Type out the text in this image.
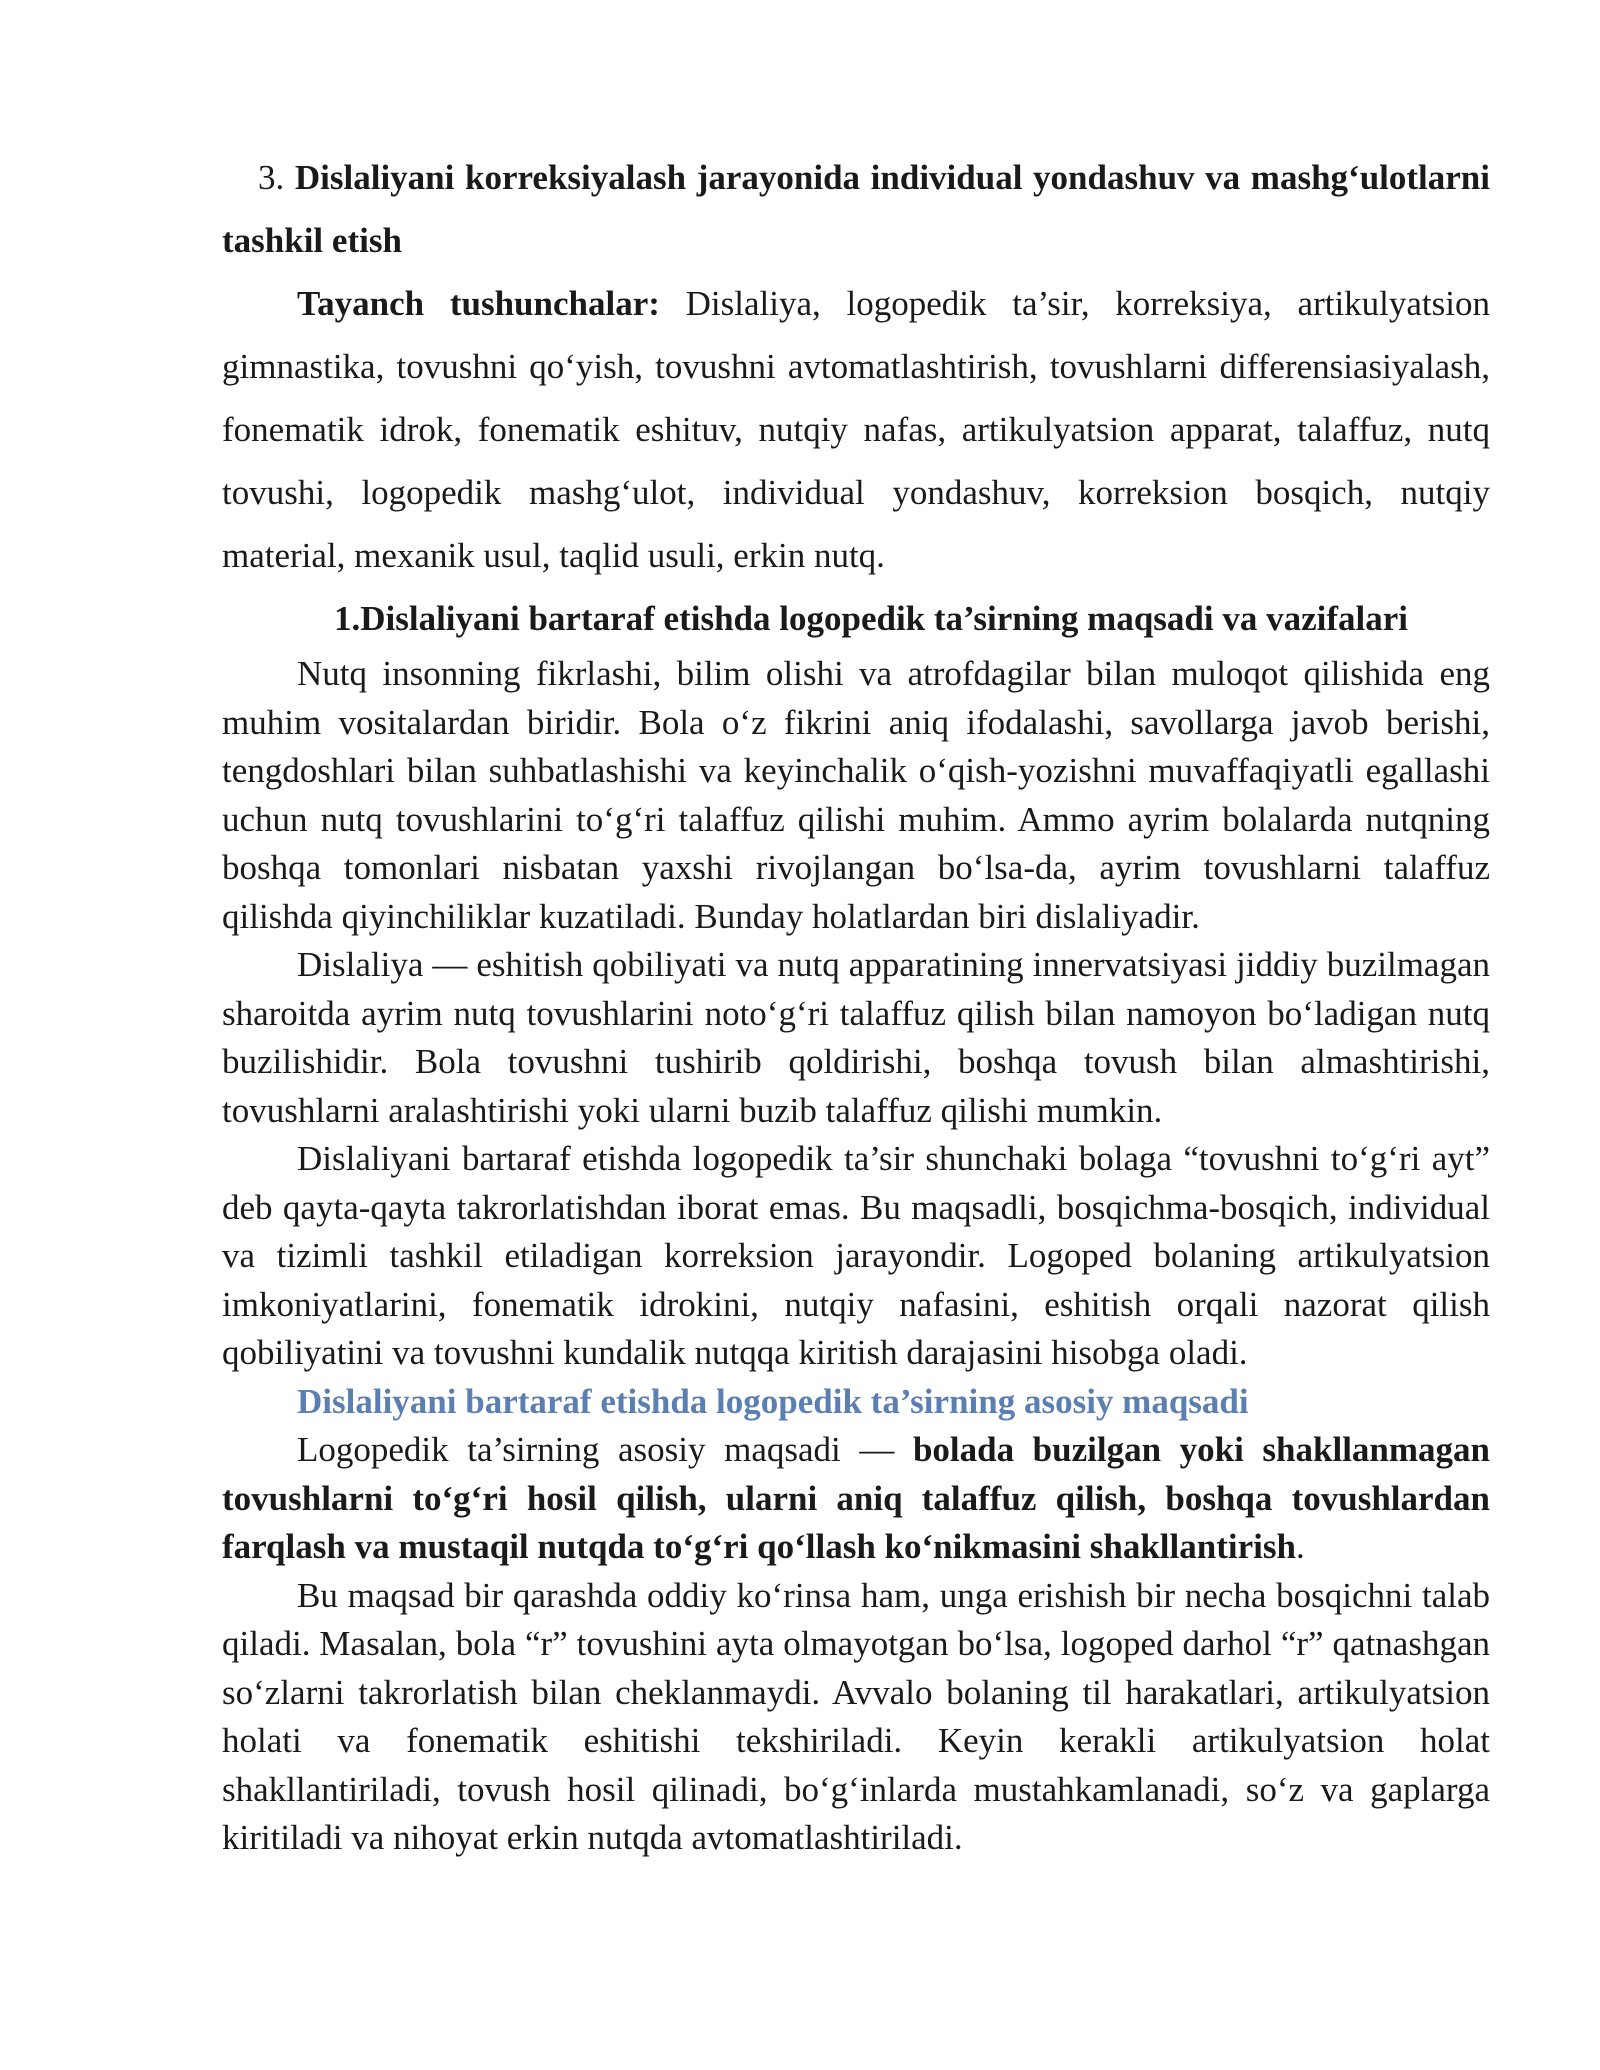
3. Dislaliyani korreksiyalash jarayonida individual yondashuv va mashg‘ulotlarni tashkil etish

Tayanch tushunchalar: Dislaliya, logopedik ta’sir, korreksiya, artikulyatsion gimnastika, tovushni qo‘yish, tovushni avtomatlashtirish, tovushlarni differensiasiyalash, fonematik idrok, fonematik eshituv, nutqiy nafas, artikulyatsion apparat, talaffuz, nutq tovushi, logopedik mashg‘ulot, individual yondashuv, korreksion bosqich, nutqiy material, mexanik usul, taqlid usuli, erkin nutq.

1.Dislaliyani bartaraf etishda logopedik ta’sirning maqsadi va vazifalari

Nutq insonning fikrlashi, bilim olishi va atrofdagilar bilan muloqot qilishida eng muhim vositalardan biridir. Bola o‘z fikrini aniq ifodalashi, savollarga javob berishi, tengdoshlari bilan suhbatlashishi va keyinchalik o‘qish-yozishni muvaffaqiyatli egallashi uchun nutq tovushlarini to‘g‘ri talaffuz qilishi muhim. Ammo ayrim bolalarda nutqning boshqa tomonlari nisbatan yaxshi rivojlangan bo‘lsa-da, ayrim tovushlarni talaffuz qilishda qiyinchiliklar kuzatiladi. Bunday holatlardan biri dislaliyadir.

Dislaliya — eshitish qobiliyati va nutq apparatining innervatsiyasi jiddiy buzilmagan sharoitda ayrim nutq tovushlarini noto‘g‘ri talaffuz qilish bilan namoyon bo‘ladigan nutq buzilishidir. Bola tovushni tushirib qoldirishi, boshqa tovush bilan almashtirishi, tovushlarni aralashtirishi yoki ularni buzib talaffuz qilishi mumkin.

Dislaliyani bartaraf etishda logopedik ta’sir shunchaki bolaga “tovushni to‘g‘ri ayt” deb qayta-qayta takrorlatishdan iborat emas. Bu maqsadli, bosqichma-bosqich, individual va tizimli tashkil etiladigan korreksion jarayondir. Logoped bolaning artikulyatsion imkoniyatlarini, fonematik idrokini, nutqiy nafasini, eshitish orqali nazorat qilish qobiliyatini va tovushni kundalik nutqqa kiritish darajasini hisobga oladi.

Dislaliyani bartaraf etishda logopedik ta’sirning asosiy maqsadi

Logopedik ta’sirning asosiy maqsadi — bolada buzilgan yoki shakllanmagan tovushlarni to‘g‘ri hosil qilish, ularni aniq talaffuz qilish, boshqa tovushlardan farqlash va mustaqil nutqda to‘g‘ri qo‘llash ko‘nikmasini shakllantirish.

Bu maqsad bir qarashda oddiy ko‘rinsa ham, unga erishish bir necha bosqichni talab qiladi. Masalan, bola “r” tovushini ayta olmayotgan bo‘lsa, logoped darhol “r” qatnashgan so‘zlarni takrorlatish bilan cheklanmaydi. Avvalo bolaning til harakatlari, artikulyatsion holati va fonematik eshitishi tekshiriladi. Keyin kerakli artikulyatsion holat shakllantiriladi, tovush hosil qilinadi, bo‘g‘inlarda mustahkamlanadi, so‘z va gaplarga kiritiladi va nihoyat erkin nutqda avtomatlashtiriladi.
